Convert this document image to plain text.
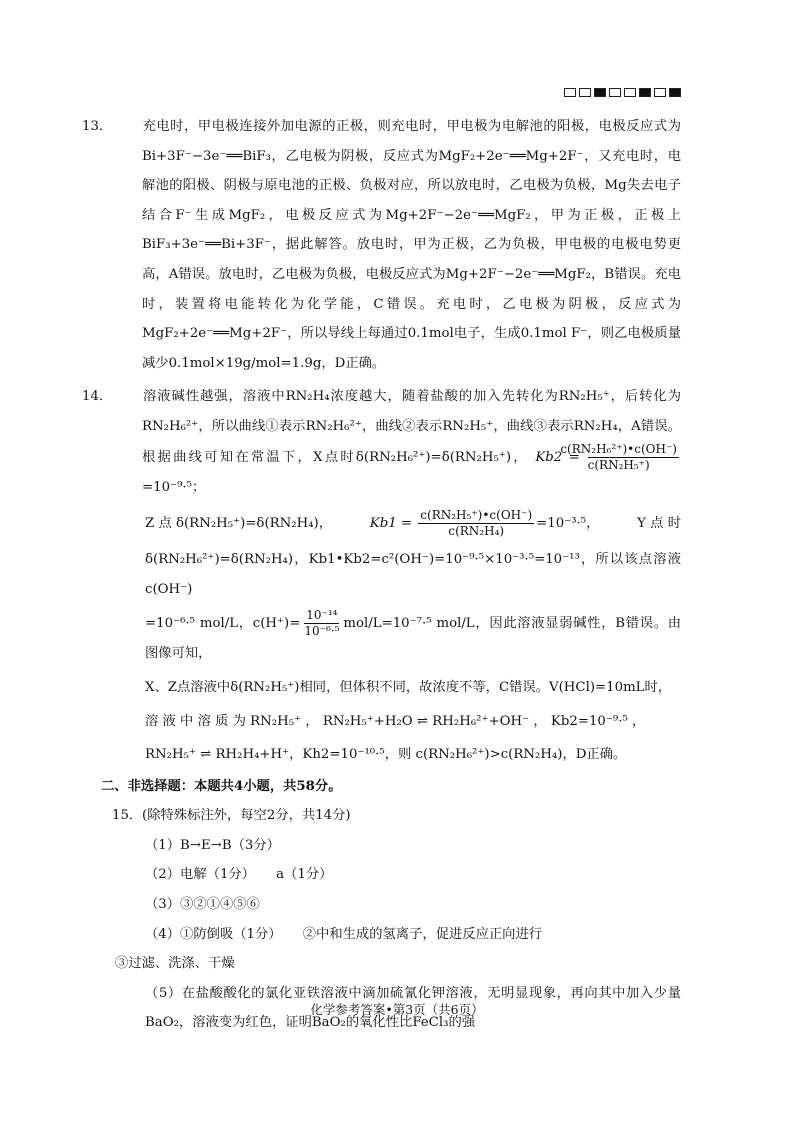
13． 充电时，甲电极连接外加电源的正极，则充电时，甲电极为电解池的阳极，电极反应式为Bi+3F⁻−3e⁻══BiF₃，乙电极为阴极，反应式为MgF₂+2e⁻══Mg+2F⁻，又充电时，电解池的阳极、阴极与原电池的正极、负极对应，所以放电时，乙电极为负极，Mg失去电子结合F⁻生成MgF₂，电极反应式为Mg+2F⁻−2e⁻══MgF₂，甲为正极，正极上BiF₃+3e⁻══Bi+3F⁻，据此解答。放电时，甲为正极，乙为负极，甲电极的电极电势更高，A错误。放电时，乙电极为负极，电极反应式为Mg+2F⁻−2e⁻══MgF₂，B错误。充电时，装置将电能转化为化学能，C错误。充电时，乙电极为阴极，反应式为MgF₂+2e⁻══Mg+2F⁻，所以导线上每通过0.1mol电子，生成0.1mol F⁻，则乙电极质量减少0.1mol×19g/mol=1.9g，D正确。

14． 溶液碱性越强，溶液中RN₂H₄浓度越大，随着盐酸的加入先转化为RN₂H₅⁺，后转化为RN₂H₆²⁺，所以曲线①表示RN₂H₆²⁺，曲线②表示RN₂H₅⁺，曲线③表示RN₂H₄，A错误。根据曲线可知在常温下，X点时δ(RN₂H₆²⁺)=δ(RN₂H₅⁺)， $Kb2 = \frac{\text{c(RN₂H₆²⁺)•c(OH⁻)}}{\text{c(RN₂H₅⁺)}}$
=10⁻⁹·⁵；

Z 点 δ(RN₂H₅⁺)=δ(RN₂H₄)，	$Kb1 = \frac{\text{c(RN₂H₅⁺)•c(OH⁻)}}{\text{c(RN₂H₄)}} =10^{-3}\cdot^5$，	Y 点 时

δ(RN₂H₆²⁺)=δ(RN₂H₄)，Kb1•Kb2=c²(OH⁻)=10⁻⁹·⁵×10⁻³·⁵=10⁻¹³，所以该点溶液 c(OH⁻)

=10⁻⁶·⁵ mol/L，$c(H^+)= \frac{\text{10⁻¹⁴}}{\text{10⁻⁶·⁵}} mol/L=10^{-7}\cdot^5$ mol/L，因此溶液显弱碱性，B错误。由图像可知，

X、Z点溶液中δ(RN₂H₅⁺)相同，但体积不同，故浓度不等，C错误。V(HCl)=10mL时，

溶 液 中 溶 质 为 RN₂H₅⁺ ， RN₂H₅⁺+H₂O ⇌ RH₂H₆²⁺+OH⁻ ， Kb2=10⁻⁹·⁵ ，

RN₂H₅⁺ ⇌ RH₂H₄+H⁺，Kh2=10⁻¹⁰·⁵，则 c(RN₂H₆²⁺)>c(RN₂H₄)，D正确。

二、非选择题：本题共4小题，共58分。

15．(除特殊标注外，每空2分，共14分)

（1）B→E→B（3分）

（2）电解（1分）     a（1分）

（3）③②①④⑤⑥

（4）①防倒吸（1分）     ②中和生成的氢离子，促进反应正向进行

③过滤、洗涤、干燥

（5）在盐酸酸化的氯化亚铁溶液中滴加硫氰化钾溶液，无明显现象，再向其中加入少量BaO₂，溶液变为红色，证明BaO₂的氧化性比FeCl₃的强

化学参考答案•第3页（共6页）
